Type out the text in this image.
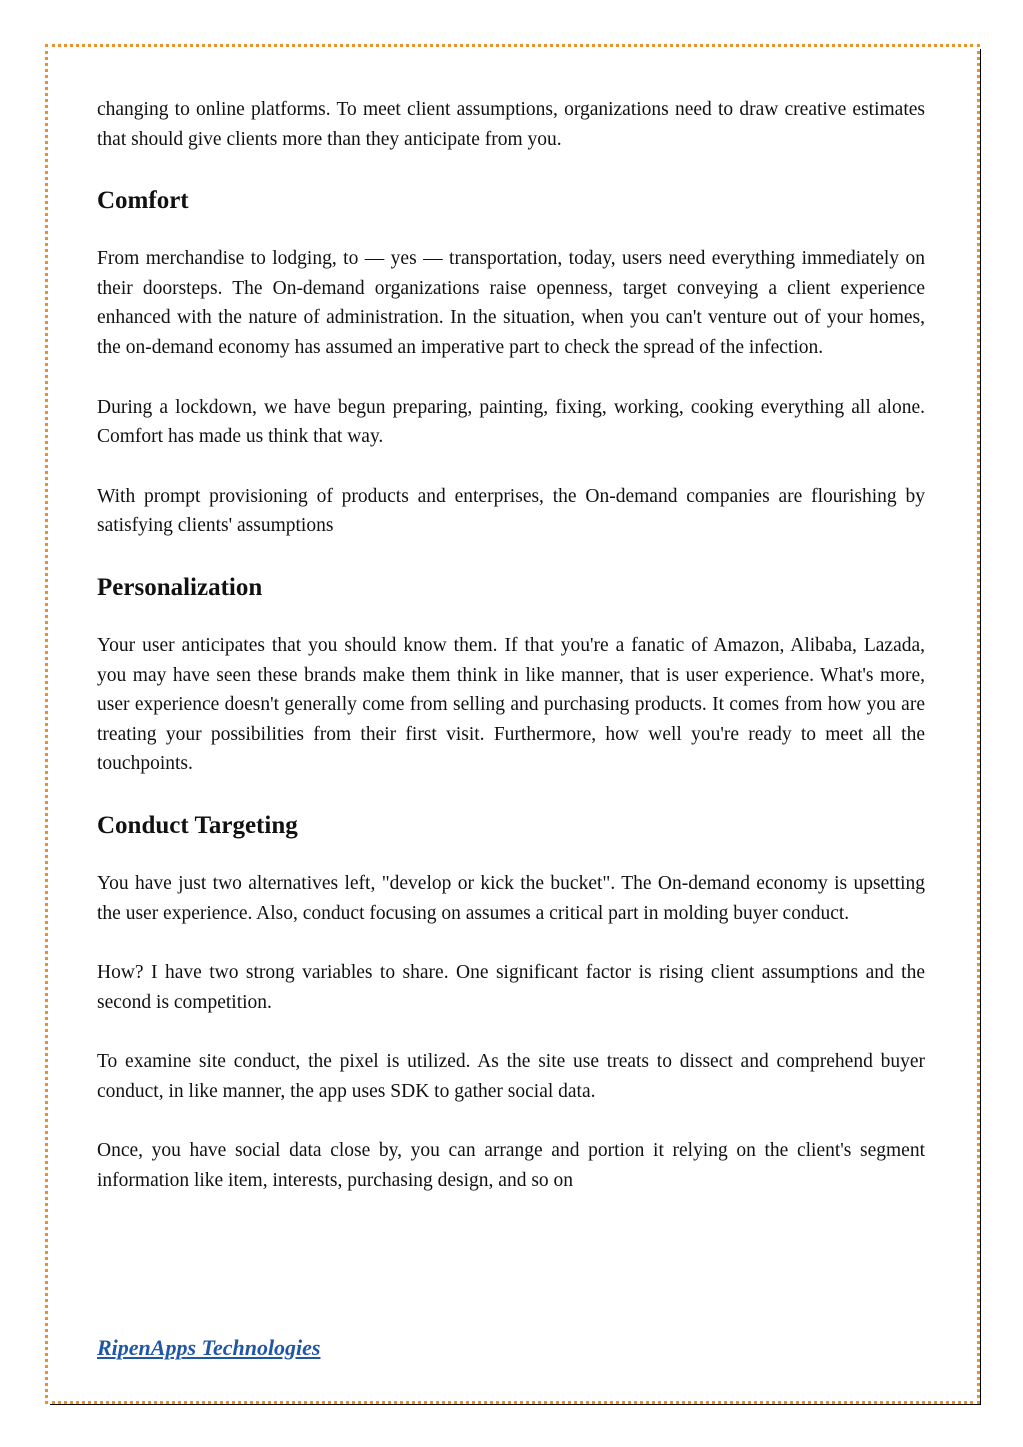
changing to online platforms. To meet client assumptions, organizations need to draw creative estimates that should give clients more than they anticipate from you.

Comfort

From merchandise to lodging, to — yes — transportation, today, users need everything immediately on their doorsteps. The On-demand organizations raise openness, target conveying a client experience enhanced with the nature of administration. In the situation, when you can't venture out of your homes, the on-demand economy has assumed an imperative part to check the spread of the infection.

During a lockdown, we have begun preparing, painting, fixing, working, cooking everything all alone. Comfort has made us think that way.

With prompt provisioning of products and enterprises, the On-demand companies are flourishing by satisfying clients' assumptions

Personalization

Your user anticipates that you should know them. If that you're a fanatic of Amazon, Alibaba, Lazada, you may have seen these brands make them think in like manner, that is user experience. What's more, user experience doesn't generally come from selling and purchasing products. It comes from how you are treating your possibilities from their first visit. Furthermore, how well you're ready to meet all the touchpoints.

Conduct Targeting

You have just two alternatives left, "develop or kick the bucket". The On-demand economy is upsetting the user experience. Also, conduct focusing on assumes a critical part in molding buyer conduct.

How? I have two strong variables to share. One significant factor is rising client assumptions and the second is competition.

To examine site conduct, the pixel is utilized. As the site use treats to dissect and comprehend buyer conduct, in like manner, the app uses SDK to gather social data.

Once, you have social data close by, you can arrange and portion it relying on the client's segment information like item, interests, purchasing design, and so on

RipenApps Technologies
